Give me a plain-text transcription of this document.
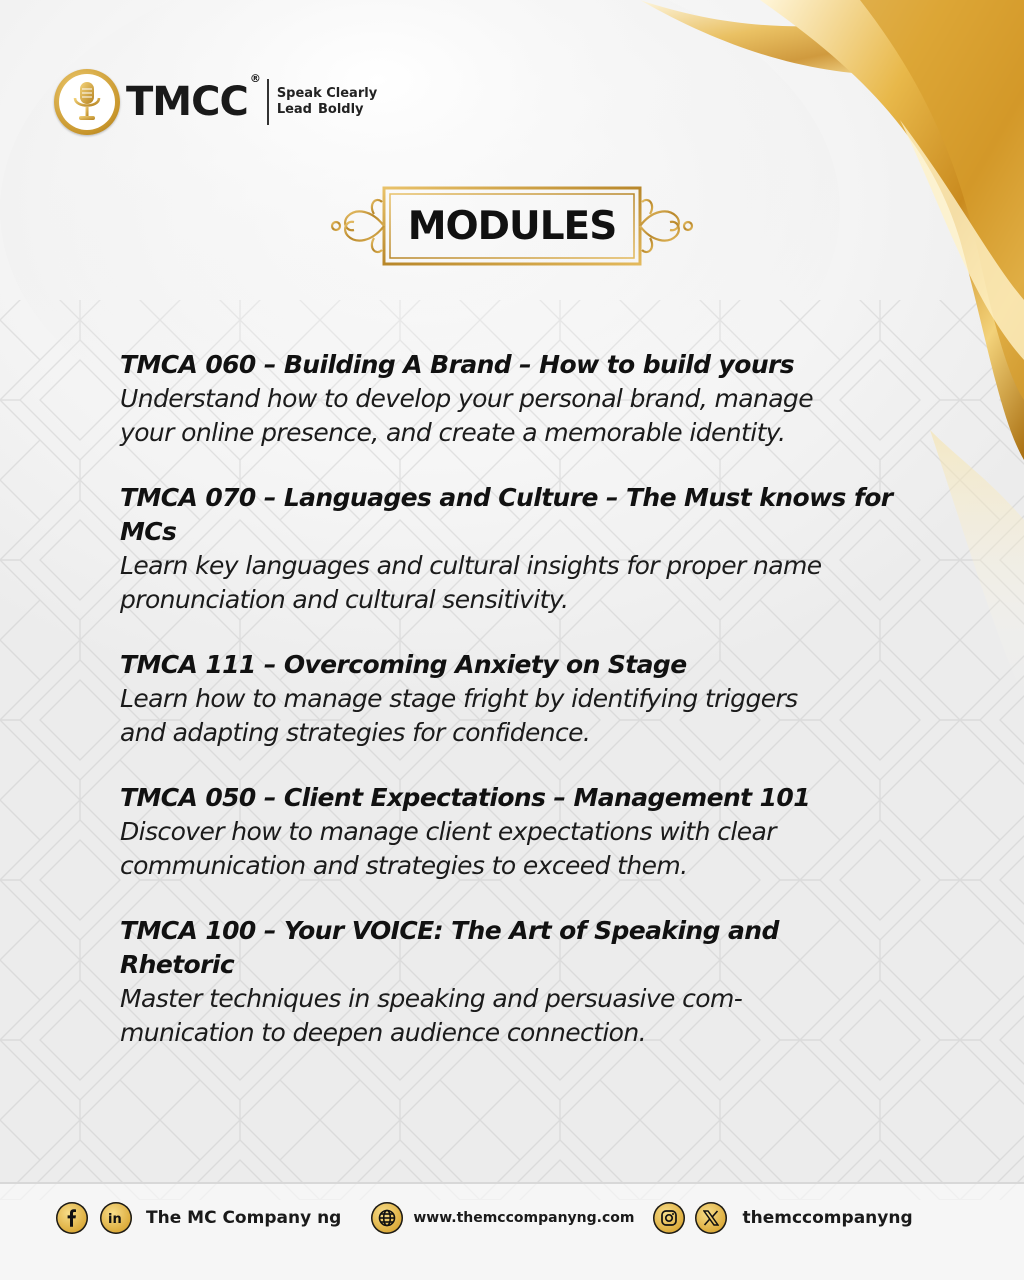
TMCC
®
Speak Clearly
Lead Boldly
MODULES

TMCA 060 – Building A Brand – How to build yours

Understand how to develop your personal brand, manage
your online presence, and create a memorable identity.

TMCA 070 – Languages and Culture – The Must knows for
MCs

Learn key languages and cultural insights for proper name
pronunciation and cultural sensitivity.

TMCA 111 – Overcoming Anxiety on Stage

Learn how to manage stage fright by identifying triggers
and adapting strategies for confidence.

TMCA 050 – Client Expectations – Management 101

Discover how to manage client expectations with clear
communication and strategies to exceed them.

TMCA 100 – Your VOICE: The Art of Speaking and
Rhetoric

Master techniques in speaking and persuasive com-
munication to deepen audience connection.

in The MC Company ng	www.themccompanyng.com	themccompanyng
